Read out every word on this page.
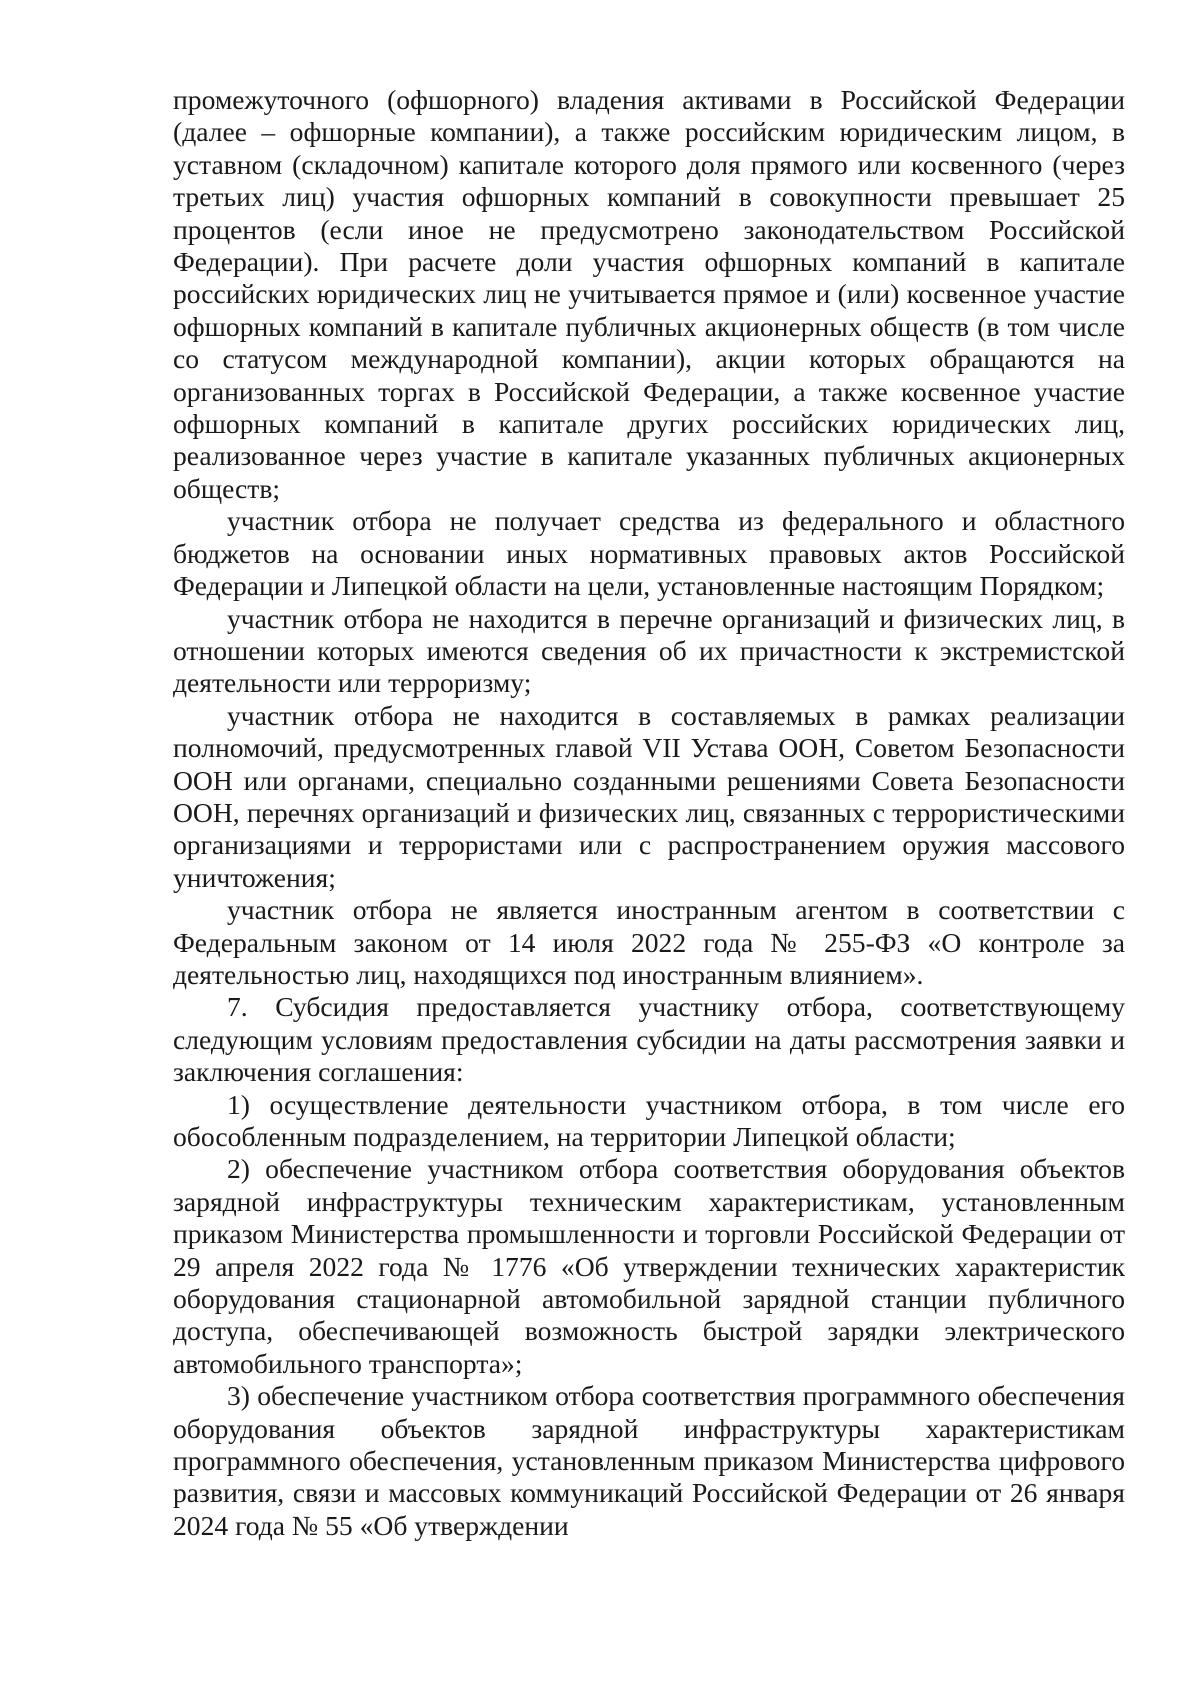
промежуточного (офшорного) владения активами в Российской Федерации (далее – офшорные компании), а также российским юридическим лицом, в уставном (складочном) капитале которого доля прямого или косвенного (через третьих лиц) участия офшорных компаний в совокупности превышает 25 процентов (если иное не предусмотрено законодательством Российской Федерации). При расчете доли участия офшорных компаний в капитале российских юридических лиц не учитывается прямое и (или) косвенное участие офшорных компаний в капитале публичных акционерных обществ (в том числе со статусом международной компании), акции которых обращаются на организованных торгах в Российской Федерации, а также косвенное участие офшорных компаний в капитале других российских юридических лиц, реализованное через участие в капитале указанных публичных акционерных обществ;

участник отбора не получает средства из федерального и областного бюджетов на основании иных нормативных правовых актов Российской Федерации и Липецкой области на цели, установленные настоящим Порядком;

участник отбора не находится в перечне организаций и физических лиц, в отношении которых имеются сведения об их причастности к экстремистской деятельности или терроризму;

участник отбора не находится в составляемых в рамках реализации полномочий, предусмотренных главой VII Устава ООН, Советом Безопасности ООН или органами, специально созданными решениями Совета Безопасности ООН, перечнях организаций и физических лиц, связанных с террористическими организациями и террористами или с распространением оружия массового уничтожения;

участник отбора не является иностранным агентом в соответствии с Федеральным законом от 14 июля 2022 года № 255-ФЗ «О контроле за деятельностью лиц, находящихся под иностранным влиянием».

7. Субсидия предоставляется участнику отбора, соответствующему следующим условиям предоставления субсидии на даты рассмотрения заявки и заключения соглашения:

1) осуществление деятельности участником отбора, в том числе его обособленным подразделением, на территории Липецкой области;

2) обеспечение участником отбора соответствия оборудования объектов зарядной инфраструктуры техническим характеристикам, установленным приказом Министерства промышленности и торговли Российской Федерации от 29 апреля 2022 года № 1776 «Об утверждении технических характеристик оборудования стационарной автомобильной зарядной станции публичного доступа, обеспечивающей возможность быстрой зарядки электрического автомобильного транспорта»;

3) обеспечение участником отбора соответствия программного обеспечения оборудования объектов зарядной инфраструктуры характеристикам программного обеспечения, установленным приказом Министерства цифрового развития, связи и массовых коммуникаций Российской Федерации от 26 января 2024 года № 55 «Об утверждении
